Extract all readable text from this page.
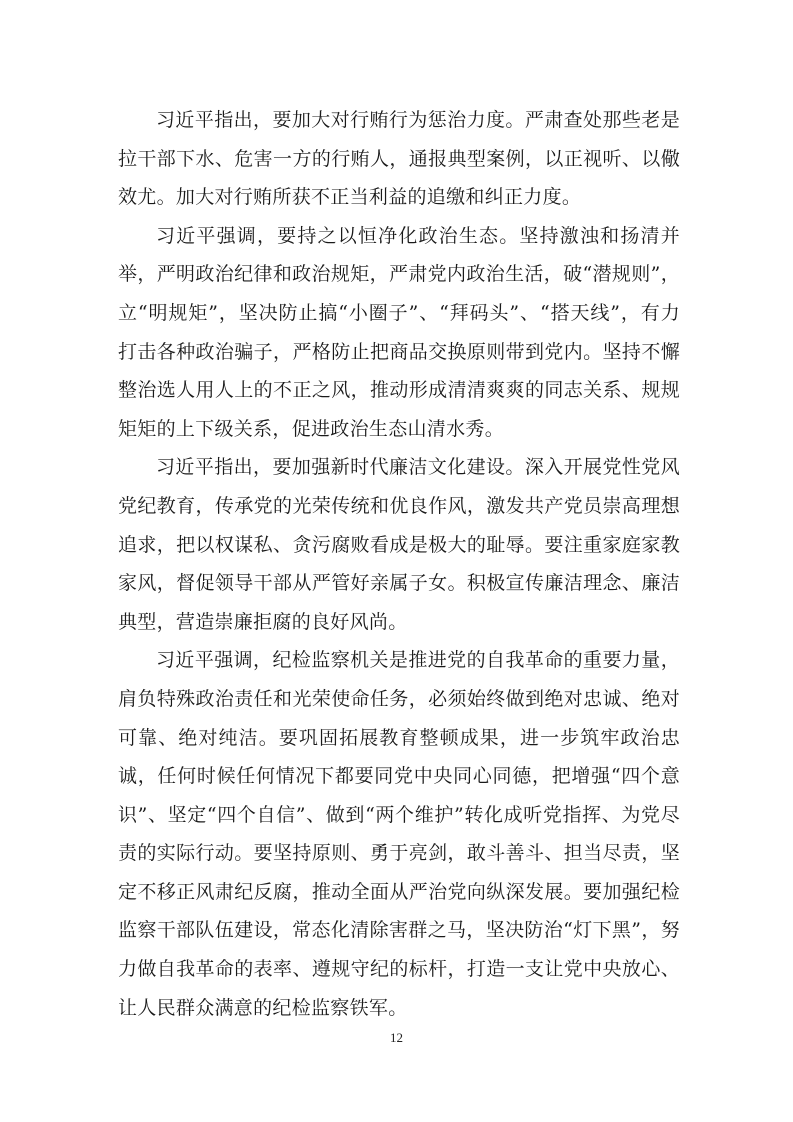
习近平指出，要加大对行贿行为惩治力度。严肃查处那些老是拉干部下水、危害一方的行贿人，通报典型案例，以正视听、以儆效尤。加大对行贿所获不正当利益的追缴和纠正力度。

习近平强调，要持之以恒净化政治生态。坚持激浊和扬清并举，严明政治纪律和政治规矩，严肃党内政治生活，破“潜规则”，立“明规矩”，坚决防止搞“小圈子”、“拜码头”、“搭天线”，有力打击各种政治骗子，严格防止把商品交换原则带到党内。坚持不懈整治选人用人上的不正之风，推动形成清清爽爽的同志关系、规规矩矩的上下级关系，促进政治生态山清水秀。

习近平指出，要加强新时代廉洁文化建设。深入开展党性党风党纪教育，传承党的光荣传统和优良作风，激发共产党员崇高理想追求，把以权谋私、贪污腐败看成是极大的耻辱。要注重家庭家教家风，督促领导干部从严管好亲属子女。积极宣传廉洁理念、廉洁典型，营造崇廉拒腐的良好风尚。

习近平强调，纪检监察机关是推进党的自我革命的重要力量，肩负特殊政治责任和光荣使命任务，必须始终做到绝对忠诚、绝对可靠、绝对纯洁。要巩固拓展教育整顿成果，进一步筑牢政治忠诚，任何时候任何情况下都要同党中央同心同德，把增强“四个意识”、坚定“四个自信”、做到“两个维护”转化成听党指挥、为党尽责的实际行动。要坚持原则、勇于亮剑，敢斗善斗、担当尽责，坚定不移正风肃纪反腐，推动全面从严治党向纵深发展。要加强纪检监察干部队伍建设，常态化清除害群之马，坚决防治“灯下黑”，努力做自我革命的表率、遵规守纪的标杆，打造一支让党中央放心、让人民群众满意的纪检监察铁军。

12
